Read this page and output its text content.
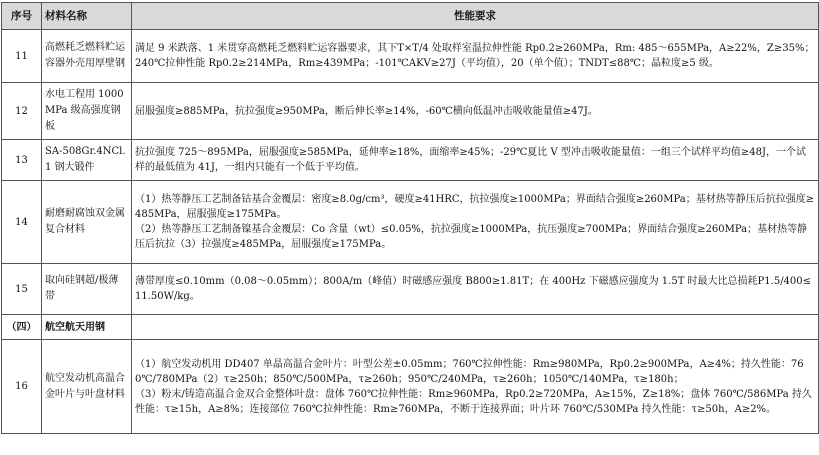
序号	材料名称	性能要求
11	高燃耗乏燃料贮运容器外壳用厚壁钢	满足 9 米跌落、1 米贯穿高燃耗乏燃料贮运容器要求，其下T×T/4 处取样室温拉伸性能 Rp0.2≥260MPa，Rm: 485～655MPa，A≥22%，Z≥35%；240℃拉伸性能 Rp0.2≥214MPa，Rm≥439MPa；-101℃AKV≥27J（平均值），20（单个值）；TNDT≤88℃；晶粒度≥5 级。

12	水电工程用 1000MPa 级高强度钢板	屈服强度≥885MPa，抗拉强度≥950MPa，断后伸长率≥14%，-60℃横向低温冲击吸收能量值≥47J。

13	SA-508Gr.4NCl.1 钢大锻件	抗拉强度 725～895MPa，屈服强度≥585MPa，延伸率≥18%，面缩率≥45%；-29℃夏比 V 型冲击吸收能量值：一组三个试样平均值≥48J，一个试样的最低值为 41J，一组内只能有一个低于平均值。

14	耐磨耐腐蚀双金属复合材料	（1）热等静压工艺制备钴基合金覆层：密度≥8.0g/cm³，硬度≥41HRC，抗拉强度≥1000MPa；界面结合强度≥260MPa；基材热等静压后抗拉强度≥485MPa，屈服强度≥175MPa。
（2）热等静压工艺制备镍基合金覆层：Co 含量（wt）≤0.05%，抗拉强度≥1000MPa，抗压强度≥700MPa；界面结合强度≥260MPa；基材热等静压后抗拉（3）拉强度≥485MPa，屈服强度≥175MPa。

15	取向硅钢超/极薄带	薄带厚度≤0.10mm（0.08～0.05mm）；800A/m（峰值）时磁感应强度 B800≥1.81T；在 400Hz 下磁感应强度为 1.5T 时最大比总损耗P1.5/400≤11.50W/kg。

（四）	航空航天用钢	
16	航空发动机高温合金叶片与叶盘材料	（1）航空发动机用 DD407 单晶高温合金叶片：叶型公差±0.05mm；760℃拉伸性能：Rm≥980MPa，Rp0.2≥900MPa，A≥4%；持久性能：760℃/780MPa（2）τ≥250h；850℃/500MPa，τ≥260h；950℃/240MPa，τ≥260h；1050℃/140MPa，τ≥180h；
（3）粉末/铸造高温合金双合金整体叶盘：盘体 760℃拉伸性能：Rm≥960MPa，Rp0.2≥720MPa，A≥15%，Z≥18%；盘体 760℃/586MPa 持久性能：τ≥15h，A≥8%；连接部位 760℃拉伸性能：Rm≥760MPa，不断于连接界面；叶片环 760℃/530MPa 持久性能：τ≥50h，A≥2%。
